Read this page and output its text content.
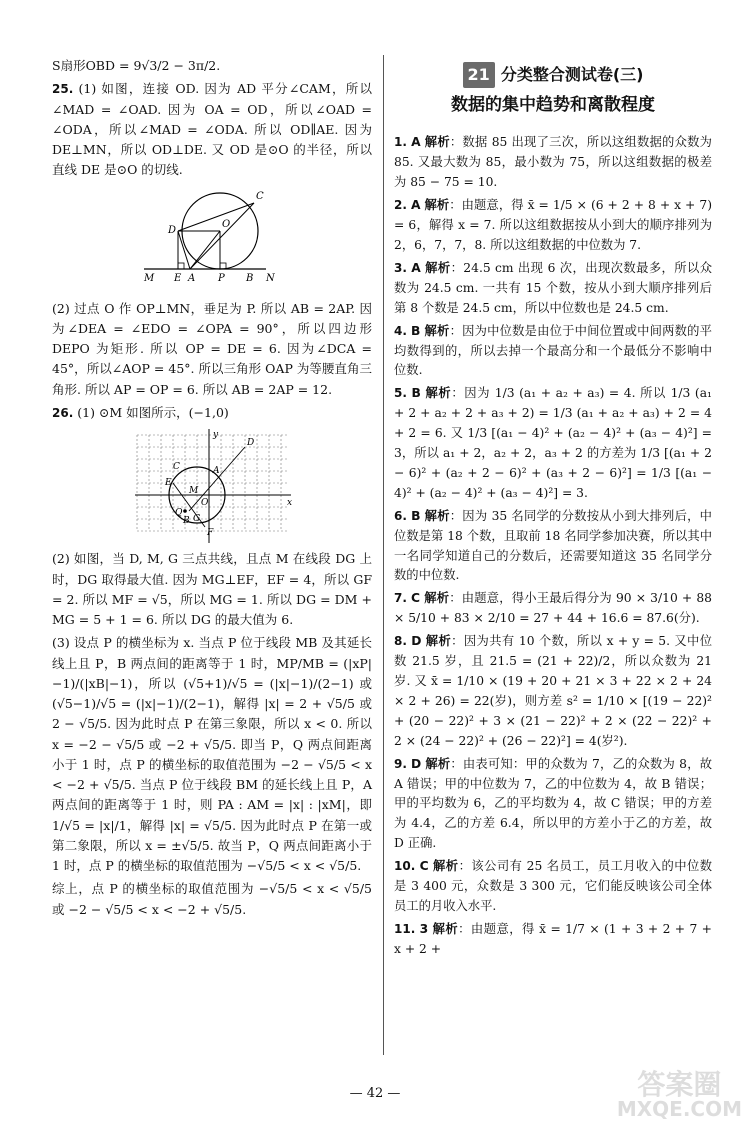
S扇形OBD = 9√3/2 − 3π/2.

25. (1) 如图，连接 OD. 因为 AD 平分∠CAM，所以∠MAD = ∠OAD. 因为 OA = OD，所以∠OAD = ∠ODA，所以∠MAD = ∠ODA. 所以 OD∥AE. 因为 DE⊥MN，所以 OD⊥DE. 又 OD 是⊙O 的半径，所以直线 DE 是⊙O 的切线.

C
D
O
M E A P B N

(2) 过点 O 作 OP⊥MN，垂足为 P. 所以 AB = 2AP. 因为∠DEA = ∠EDO = ∠OPA = 90°，所以四边形 DEPO 为矩形. 所以 OP = DE = 6. 因为∠DCA = 45°，所以∠AOP = 45°. 所以三角形 OAP 为等腰直角三角形. 所以 AP = OP = 6. 所以 AB = 2AP = 12.

26. (1) ⊙M 如图所示，(−1,0)

y
x
C	A
D
E
M
O
Q
B G
F

(2) 如图，当 D, M, G 三点共线，且点 M 在线段 DG 上时，DG 取得最大值. 因为 MG⊥EF，EF = 4，所以 GF = 2. 所以 MF = √5，所以 MG = 1. 所以 DG = DM + MG = 5 + 1 = 6. 所以 DG 的最大值为 6.

(3) 设点 P 的横坐标为 x. 当点 P 位于线段 MB 及其延长线上且 P，B 两点间的距离等于 1 时，MP/MB = (|xP|−1)/(|xB|−1)，所以 (√5+1)/√5 = (|x|−1)/(2−1) 或 (√5−1)/√5 = (|x|−1)/(2−1)，解得 |x| = 2 + √5/5 或 2 − √5/5. 因为此时点 P 在第三象限，所以 x < 0. 所以 x = −2 − √5/5 或 −2 + √5/5. 即当 P，Q 两点间距离小于 1 时，点 P 的横坐标的取值范围为 −2 − √5/5 < x < −2 + √5/5. 当点 P 位于线段 BM 的延长线上且 P，A 两点间的距离等于 1 时，则 PA : AM = |x| : |xM|，即 1/√5 = |x|/1，解得 |x| = √5/5. 因为此时点 P 在第一或第二象限，所以 x = ±√5/5. 故当 P，Q 两点间距离小于 1 时，点 P 的横坐标的取值范围为 −√5/5 < x < √5/5.

综上，点 P 的横坐标的取值范围为 −√5/5 < x < √5/5 或 −2 − √5/5 < x < −2 + √5/5.

21 分类整合测试卷(三)
数据的集中趋势和离散程度

1. A 解析：数据 85 出现了三次，所以这组数据的众数为 85. 又最大数为 85，最小数为 75，所以这组数据的极差为 85 − 75 = 10.

2. A 解析：由题意，得 x̄ = 1/5 × (6 + 2 + 8 + x + 7) = 6，解得 x = 7. 所以这组数据按从小到大的顺序排列为 2，6，7，7，8. 所以这组数据的中位数为 7.

3. A 解析：24.5 cm 出现 6 次，出现次数最多，所以众数为 24.5 cm. 一共有 15 个数，按从小到大顺序排列后第 8 个数是 24.5 cm，所以中位数也是 24.5 cm.

4. B 解析：因为中位数是由位于中间位置或中间两数的平均数得到的，所以去掉一个最高分和一个最低分不影响中位数.

5. B 解析：因为 1/3 (a₁ + a₂ + a₃) = 4. 所以 1/3 (a₁ + 2 + a₂ + 2 + a₃ + 2) = 1/3 (a₁ + a₂ + a₃) + 2 = 4 + 2 = 6. 又 1/3 [(a₁ − 4)² + (a₂ − 4)² + (a₃ − 4)²] = 3，所以 a₁ + 2，a₂ + 2，a₃ + 2 的方差为 1/3 [(a₁ + 2 − 6)² + (a₂ + 2 − 6)² + (a₃ + 2 − 6)²] = 1/3 [(a₁ − 4)² + (a₂ − 4)² + (a₃ − 4)²] = 3.

6. B 解析：因为 35 名同学的分数按从小到大排列后，中位数是第 18 个数，且取前 18 名同学参加决赛，所以其中一名同学知道自己的分数后，还需要知道这 35 名同学分数的中位数.

7. C 解析：由题意，得小王最后得分为 90 × 3/10 + 88 × 5/10 + 83 × 2/10 = 27 + 44 + 16.6 = 87.6(分).

8. D 解析：因为共有 10 个数，所以 x + y = 5. 又中位数 21.5 岁，且 21.5 = (21 + 22)/2，所以众数为 21 岁. 又 x̄ = 1/10 × (19 + 20 + 21 × 3 + 22 × 2 + 24 × 2 + 26) = 22(岁)，则方差 s² = 1/10 × [(19 − 22)² + (20 − 22)² + 3 × (21 − 22)² + 2 × (22 − 22)² + 2 × (24 − 22)² + (26 − 22)²] = 4(岁²).

9. D 解析：由表可知：甲的众数为 7，乙的众数为 8，故 A 错误；甲的中位数为 7，乙的中位数为 4，故 B 错误；甲的平均数为 6，乙的平均数为 4，故 C 错误；甲的方差为 4.4，乙的方差 6.4，所以甲的方差小于乙的方差，故 D 正确.

10. C 解析：该公司有 25 名员工，员工月收入的中位数是 3 400 元，众数是 3 300 元，它们能反映该公司全体员工的月收入水平.

11. 3 解析：由题意，得 x̄ = 1/7 × (1 + 3 + 2 + 7 + x + 2 +

— 42 —	答案圈
MXQE.COM
